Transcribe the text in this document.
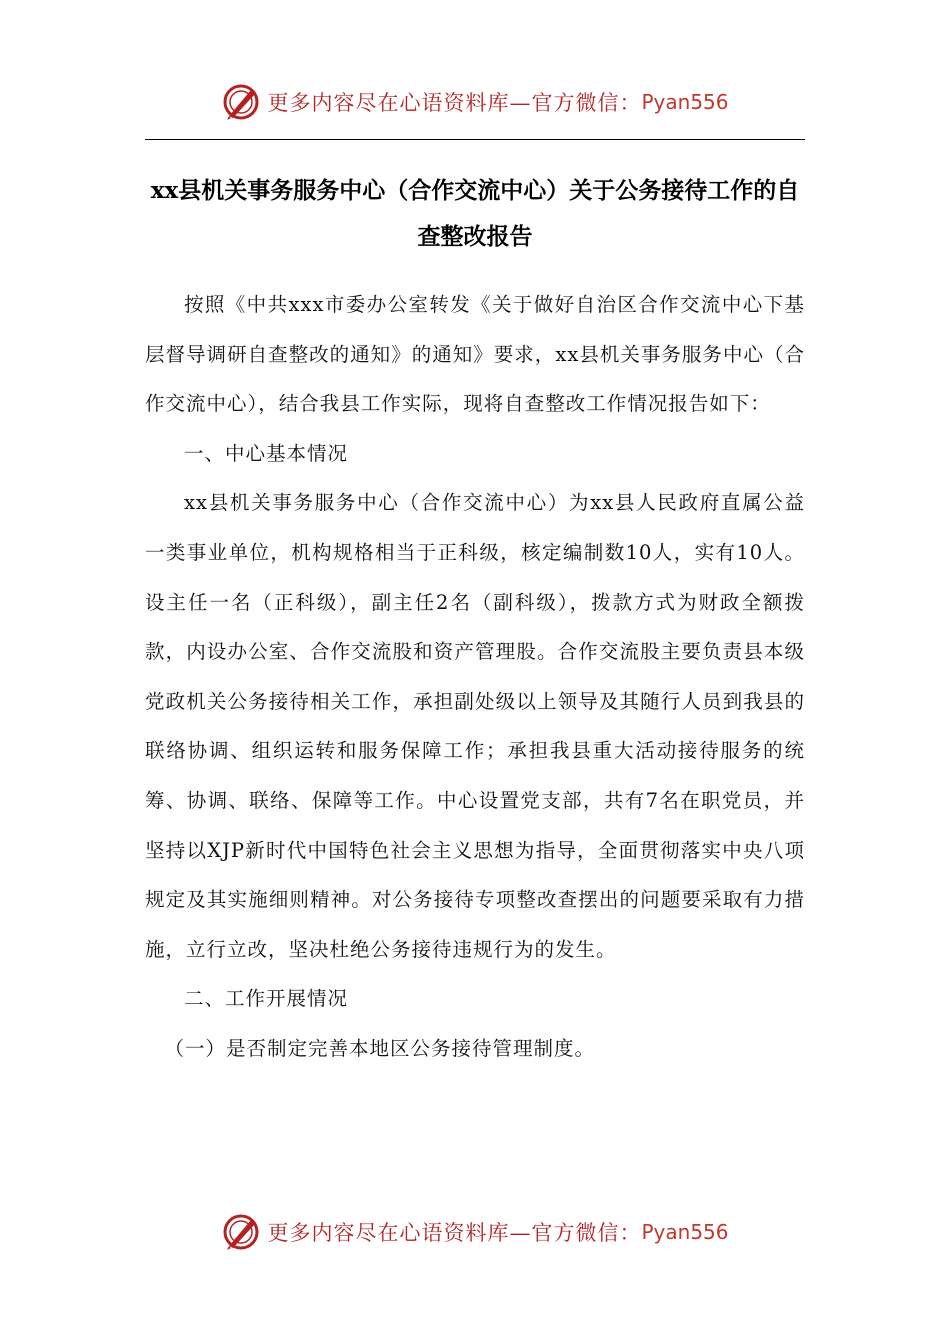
更多内容尽在心语资料库—官方微信： Pyan556
xx县机关事务服务中心（合作交流中心）关于公务接待工作的自查整改报告

按照《中共xxx市委办公室转发《关于做好自治区合作交流中心下基层督导调研自查整改的通知》的通知》要求，xx县机关事务服务中心（合作交流中心），结合我县工作实际，现将自查整改工作情况报告如下：

一、中心基本情况

xx县机关事务服务中心（合作交流中心）为xx县人民政府直属公益一类事业单位，机构规格相当于正科级，核定编制数10人，实有10人。设主任一名（正科级），副主任2名（副科级），拨款方式为财政全额拨款，内设办公室、合作交流股和资产管理股。合作交流股主要负责县本级党政机关公务接待相关工作，承担副处级以上领导及其随行人员到我县的联络协调、组织运转和服务保障工作；承担我县重大活动接待服务的统筹、协调、联络、保障等工作。中心设置党支部，共有7名在职党员，并坚持以XJP新时代中国特色社会主义思想为指导，全面贯彻落实中央八项规定及其实施细则精神。对公务接待专项整改查摆出的问题要采取有力措施，立行立改，坚决杜绝公务接待违规行为的发生。

二、工作开展情况

（一）是否制定完善本地区公务接待管理制度。

更多内容尽在心语资料库—官方微信： Pyan556
